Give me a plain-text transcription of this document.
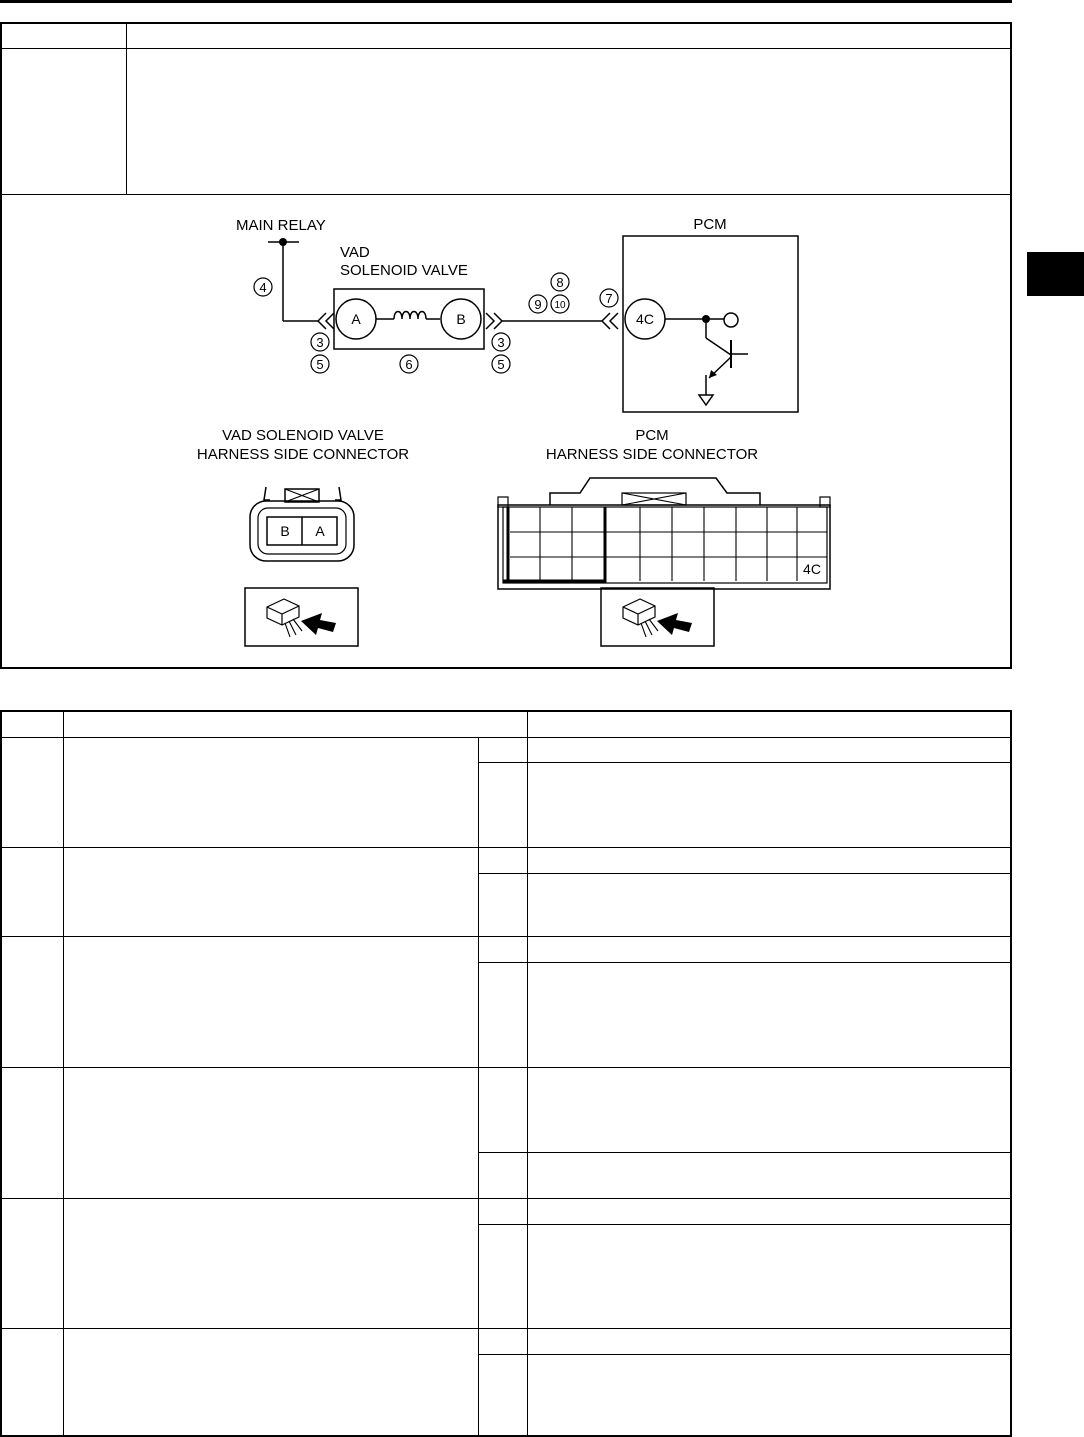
MAIN RELAY
VAD
SOLENOID VALVE
A	B
4
3
5	6
3
5
8
9 10	7
PCM
4C
VAD SOLENOID VALVE
HARNESS SIDE CONNECTOR
B A
PCM
HARNESS SIDE CONNECTOR
4C
